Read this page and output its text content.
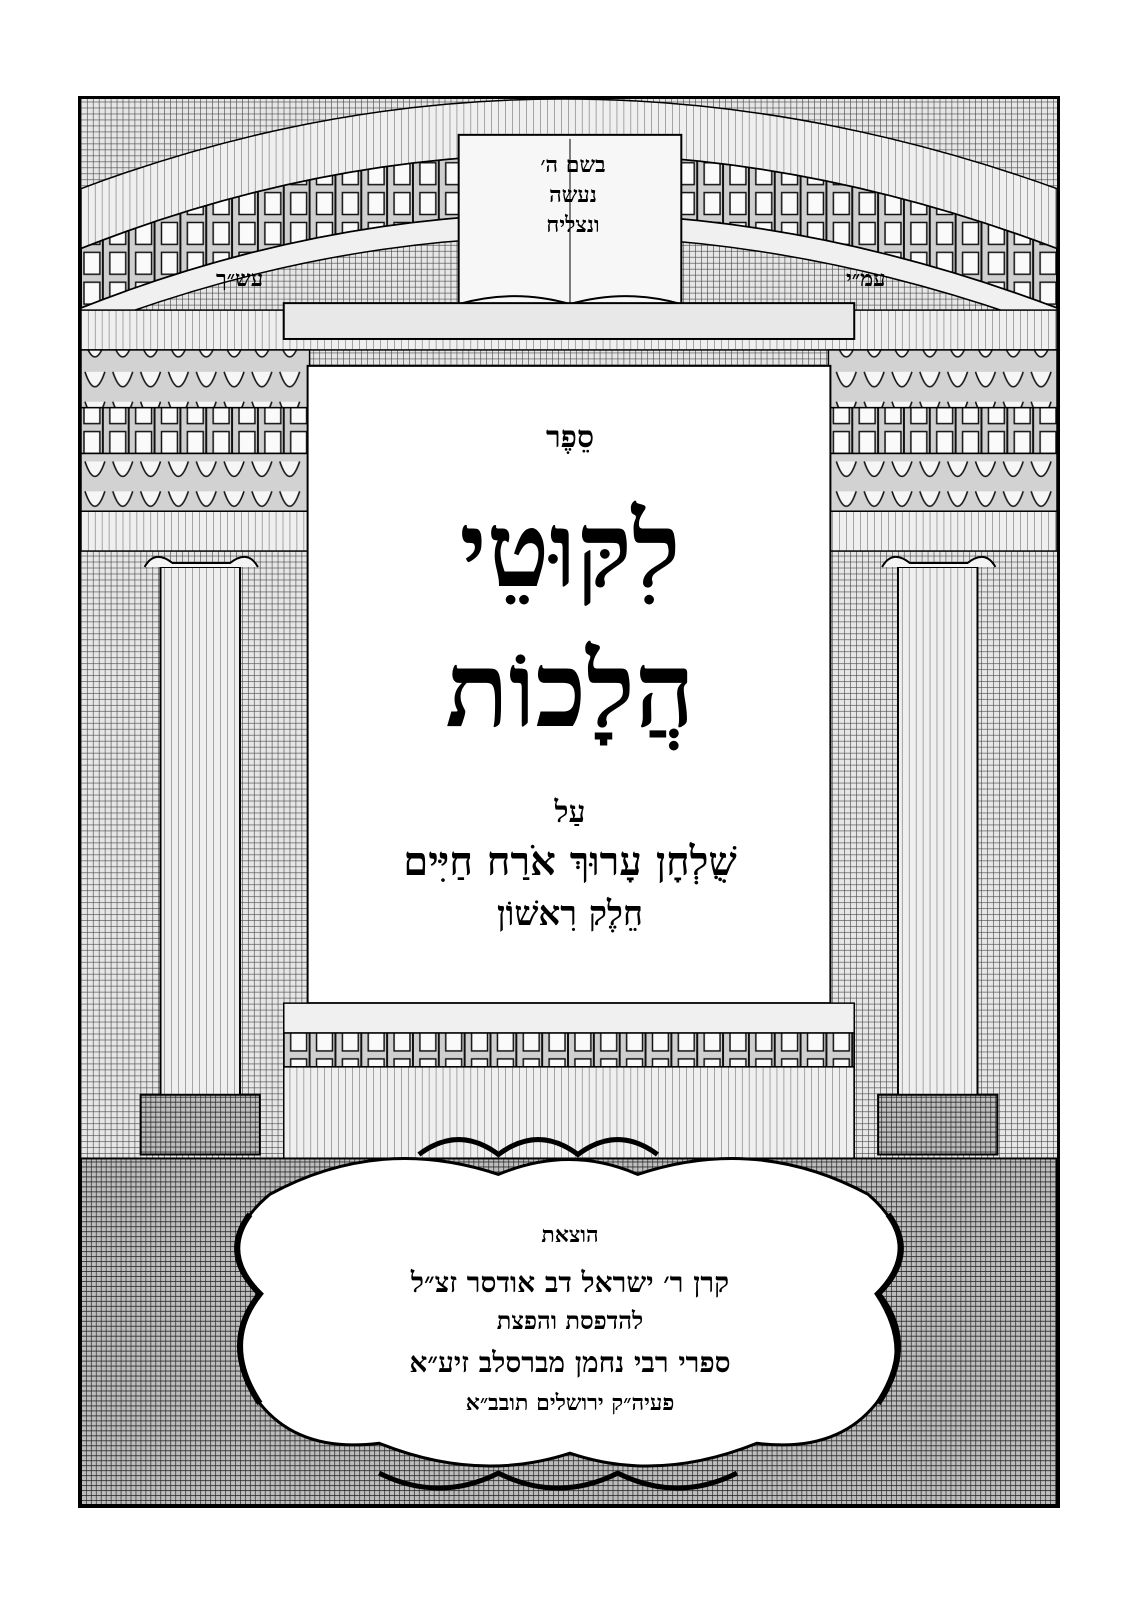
בשם ה׳
נעשה
ונצליח
עש״ך	עמ״י
סֵפֶר
לִקּוּטֵי
הֲלָכוֹת
עַל
שֻׁלְחָן עָרוּךְ אֹרַח חַיִּים
חֵלֶק רִאשׁוֹן
הוצאת
קרן ר׳ ישראל דב אודסר זצ״ל
להדפסת והפצת
ספרי רבי נחמן מברסלב זיע״א
פעיה״ק ירושלים תובב״א
